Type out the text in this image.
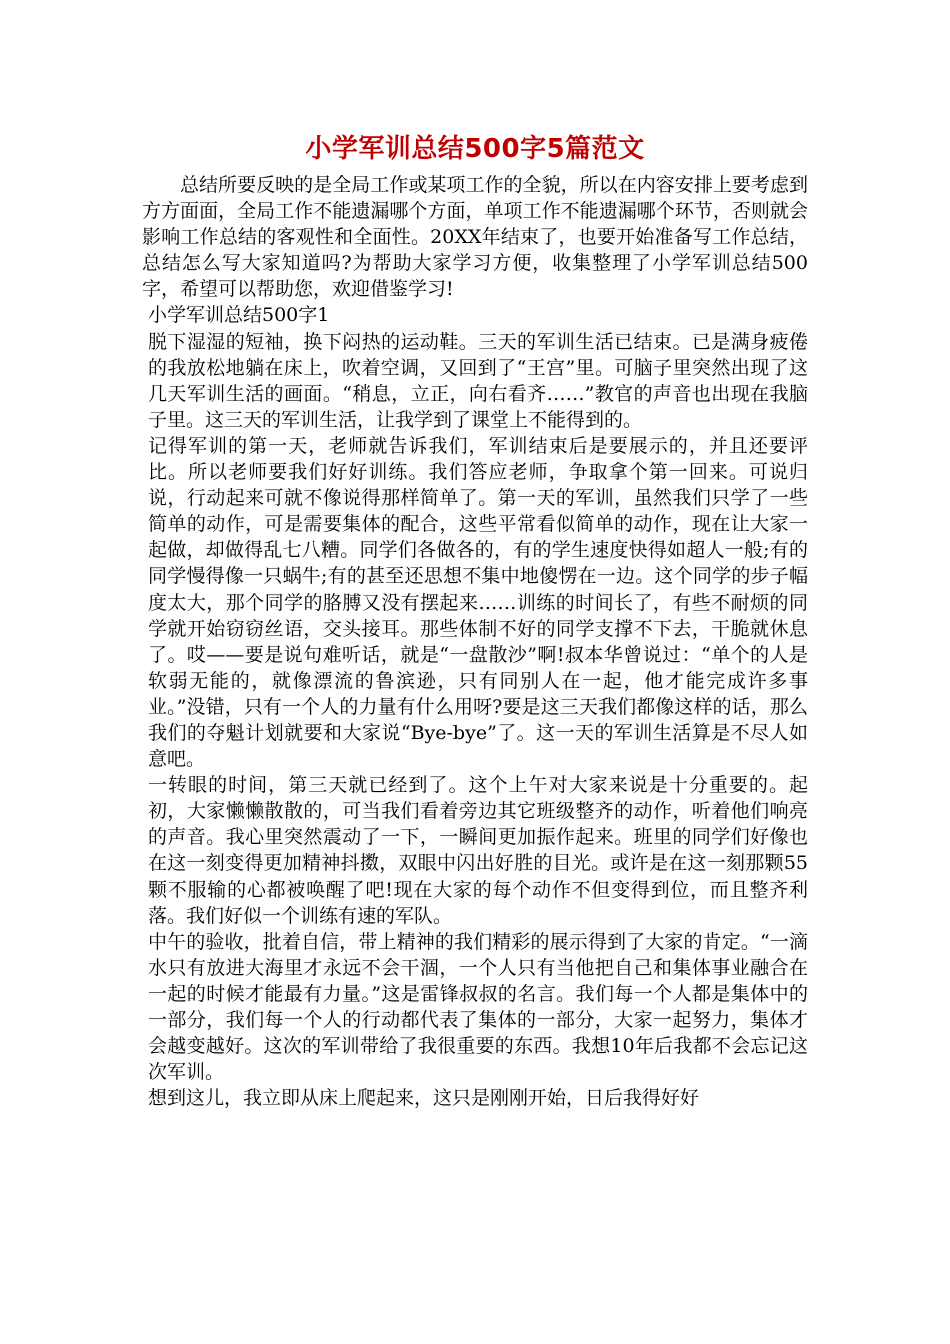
小学军训总结500字5篇范文

总结所要反映的是全局工作或某项工作的全貌，所以在内容安排上要考虑到方方面面，全局工作不能遗漏哪个方面，单项工作不能遗漏哪个环节，否则就会影响工作总结的客观性和全面性。20XX年结束了，也要开始准备写工作总结，总结怎么写大家知道吗?为帮助大家学习方便，收集整理了小学军训总结500字，希望可以帮助您，欢迎借鉴学习!

小学军训总结500字1

脱下湿湿的短袖，换下闷热的运动鞋。三天的军训生活已结束。已是满身疲倦的我放松地躺在床上，吹着空调，又回到了“王宫”里。可脑子里突然出现了这几天军训生活的画面。“稍息，立正，向右看齐……”教官的声音也出现在我脑子里。这三天的军训生活，让我学到了课堂上不能得到的。

记得军训的第一天，老师就告诉我们，军训结束后是要展示的，并且还要评比。所以老师要我们好好训练。我们答应老师，争取拿个第一回来。可说归说，行动起来可就不像说得那样简单了。第一天的军训，虽然我们只学了一些简单的动作，可是需要集体的配合，这些平常看似简单的动作，现在让大家一起做，却做得乱七八糟。同学们各做各的，有的学生速度快得如超人一般;有的同学慢得像一只蜗牛;有的甚至还思想不集中地傻愣在一边。这个同学的步子幅度太大，那个同学的胳膊又没有摆起来……训练的时间长了，有些不耐烦的同学就开始窃窃丝语，交头接耳。那些体制不好的同学支撑不下去，干脆就休息了。哎——要是说句难听话，就是“一盘散沙”啊!叔本华曾说过：“单个的人是软弱无能的，就像漂流的鲁滨逊，只有同别人在一起，他才能完成许多事业。”没错，只有一个人的力量有什么用呀?要是这三天我们都像这样的话，那么我们的夺魁计划就要和大家说“Bye-bye”了。这一天的军训生活算是不尽人如意吧。

一转眼的时间，第三天就已经到了。这个上午对大家来说是十分重要的。起初，大家懒懒散散的，可当我们看着旁边其它班级整齐的动作，听着他们响亮的声音。我心里突然震动了一下，一瞬间更加振作起来。班里的同学们好像也在这一刻变得更加精神抖擞，双眼中闪出好胜的目光。或许是在这一刻那颗55颗不服输的心都被唤醒了吧!现在大家的每个动作不但变得到位，而且整齐利落。我们好似一个训练有速的军队。

中午的验收，批着自信，带上精神的我们精彩的展示得到了大家的肯定。“一滴水只有放进大海里才永远不会干涸，一个人只有当他把自己和集体事业融合在一起的时候才能最有力量。”这是雷锋叔叔的名言。我们每一个人都是集体中的一部分，我们每一个人的行动都代表了集体的一部分，大家一起努力，集体才会越变越好。这次的军训带给了我很重要的东西。我想10年后我都不会忘记这次军训。

想到这儿，我立即从床上爬起来，这只是刚刚开始，日后我得好好
